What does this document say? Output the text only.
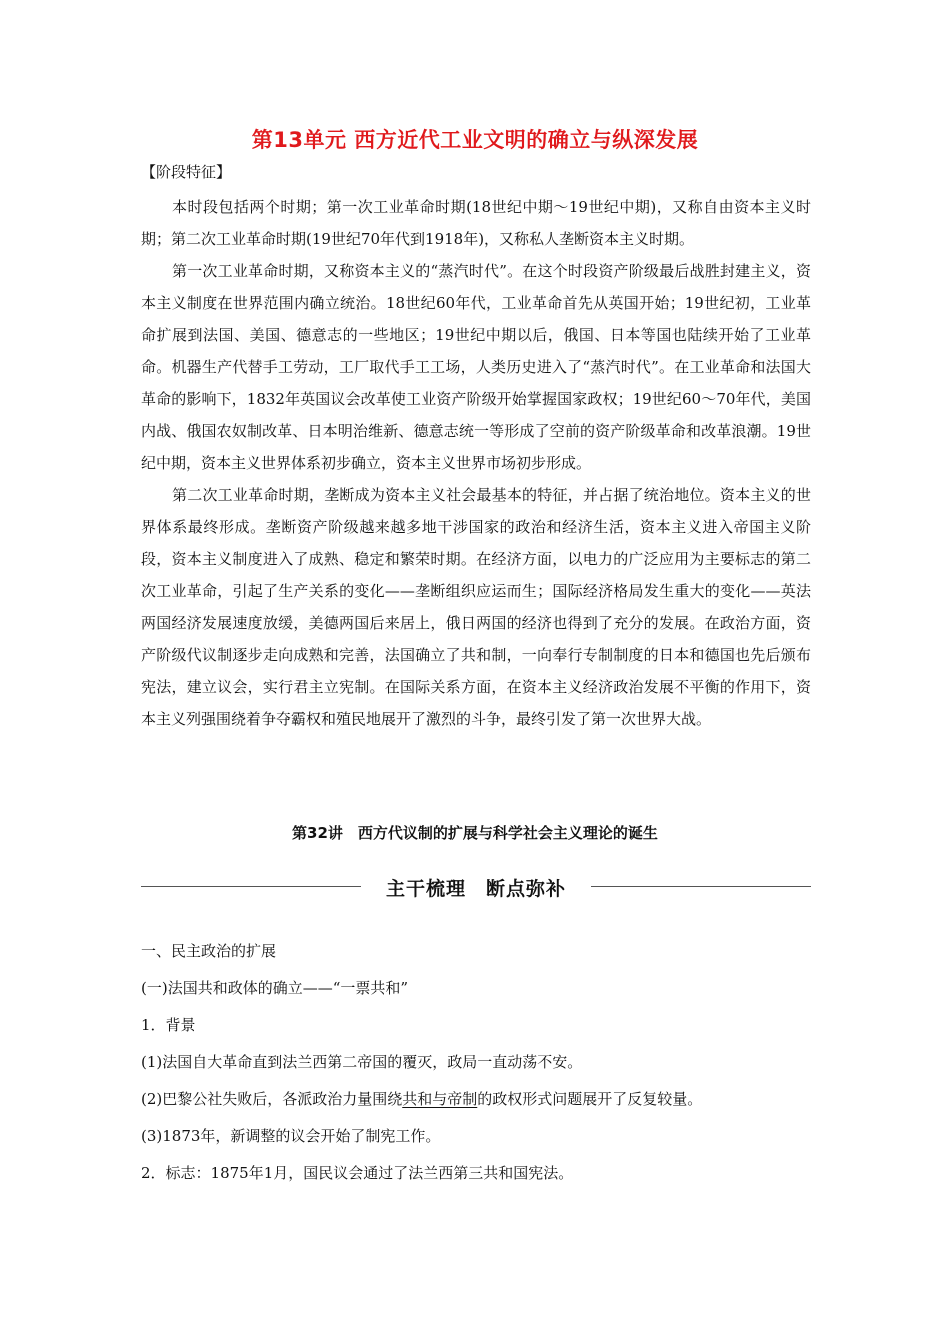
第13单元 西方近代工业文明的确立与纵深发展
【阶段特征】

本时段包括两个时期；第一次工业革命时期(18世纪中期～19世纪中期)，又称自由资本主义时期；第二次工业革命时期(19世纪70年代到1918年)，又称私人垄断资本主义时期。

第一次工业革命时期，又称资本主义的“蒸汽时代”。在这个时段资产阶级最后战胜封建主义，资本主义制度在世界范围内确立统治。18世纪60年代，工业革命首先从英国开始；19世纪初，工业革命扩展到法国、美国、德意志的一些地区；19世纪中期以后，俄国、日本等国也陆续开始了工业革命。机器生产代替手工劳动，工厂取代手工工场，人类历史进入了“蒸汽时代”。在工业革命和法国大革命的影响下，1832年英国议会改革使工业资产阶级开始掌握国家政权；19世纪60～70年代，美国内战、俄国农奴制改革、日本明治维新、德意志统一等形成了空前的资产阶级革命和改革浪潮。19世纪中期，资本主义世界体系初步确立，资本主义世界市场初步形成。

第二次工业革命时期，垄断成为资本主义社会最基本的特征，并占据了统治地位。资本主义的世界体系最终形成。垄断资产阶级越来越多地干涉国家的政治和经济生活，资本主义进入帝国主义阶段，资本主义制度进入了成熟、稳定和繁荣时期。在经济方面，以电力的广泛应用为主要标志的第二次工业革命，引起了生产关系的变化——垄断组织应运而生；国际经济格局发生重大的变化——英法两国经济发展速度放缓，美德两国后来居上，俄日两国的经济也得到了充分的发展。在政治方面，资产阶级代议制逐步走向成熟和完善，法国确立了共和制，一向奉行专制制度的日本和德国也先后颁布宪法，建立议会，实行君主立宪制。在国际关系方面，在资本主义经济政治发展不平衡的作用下，资本主义列强围绕着争夺霸权和殖民地展开了激烈的斗争，最终引发了第一次世界大战。

第32讲　西方代议制的扩展与科学社会主义理论的诞生
主干梳理　断点弥补
一、民主政治的扩展
(一)法国共和政体的确立——“一票共和”
1．背景
(1)法国自大革命直到法兰西第二帝国的覆灭，政局一直动荡不安。
(2)巴黎公社失败后，各派政治力量围绕共和与帝制的政权形式问题展开了反复较量。
(3)1873年，新调整的议会开始了制宪工作。
2．标志：1875年1月，国民议会通过了法兰西第三共和国宪法。
